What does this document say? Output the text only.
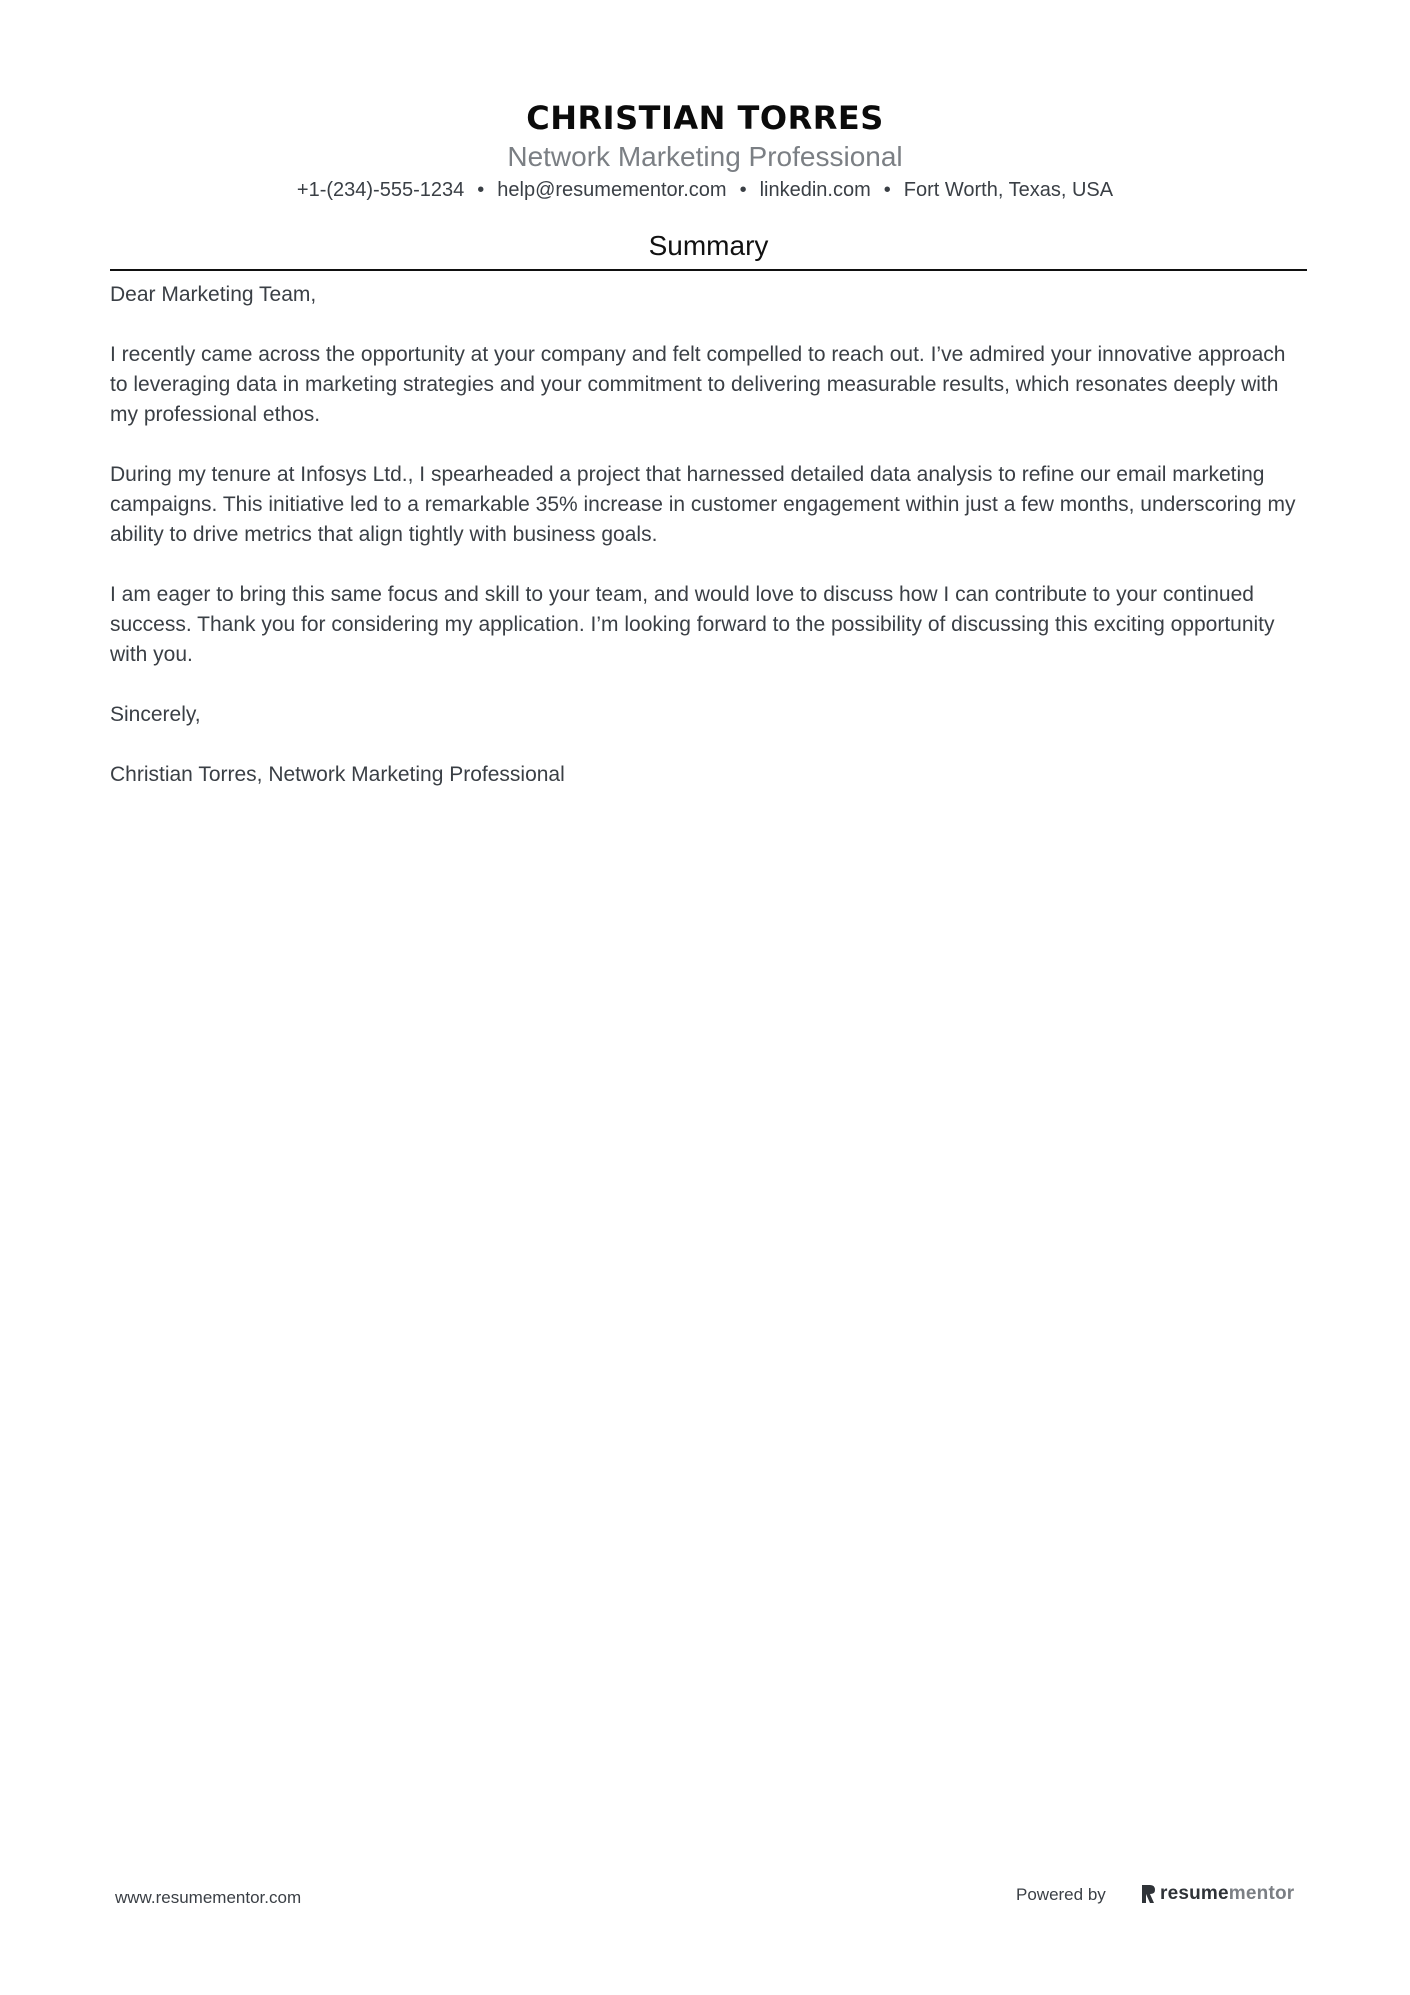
CHRISTIAN TORRES
Network Marketing Professional
+1-(234)-555-1234 • help@resumementor.com • linkedin.com • Fort Worth, Texas, USA
Summary

Dear Marketing Team,

I recently came across the opportunity at your company and felt compelled to reach out. I’ve admired your innovative approach to leveraging data in marketing strategies and your commitment to delivering measurable results, which resonates deeply with my professional ethos.

During my tenure at Infosys Ltd., I spearheaded a project that harnessed detailed data analysis to refine our email marketing campaigns. This initiative led to a remarkable 35% increase in customer engagement within just a few months, underscoring my ability to drive metrics that align tightly with business goals.

I am eager to bring this same focus and skill to your team, and would love to discuss how I can contribute to your continued success. Thank you for considering my application. I’m looking forward to the possibility of discussing this exciting opportunity with you.

Sincerely,

Christian Torres, Network Marketing Professional

www.resumementor.com	Powered by	resumementor
